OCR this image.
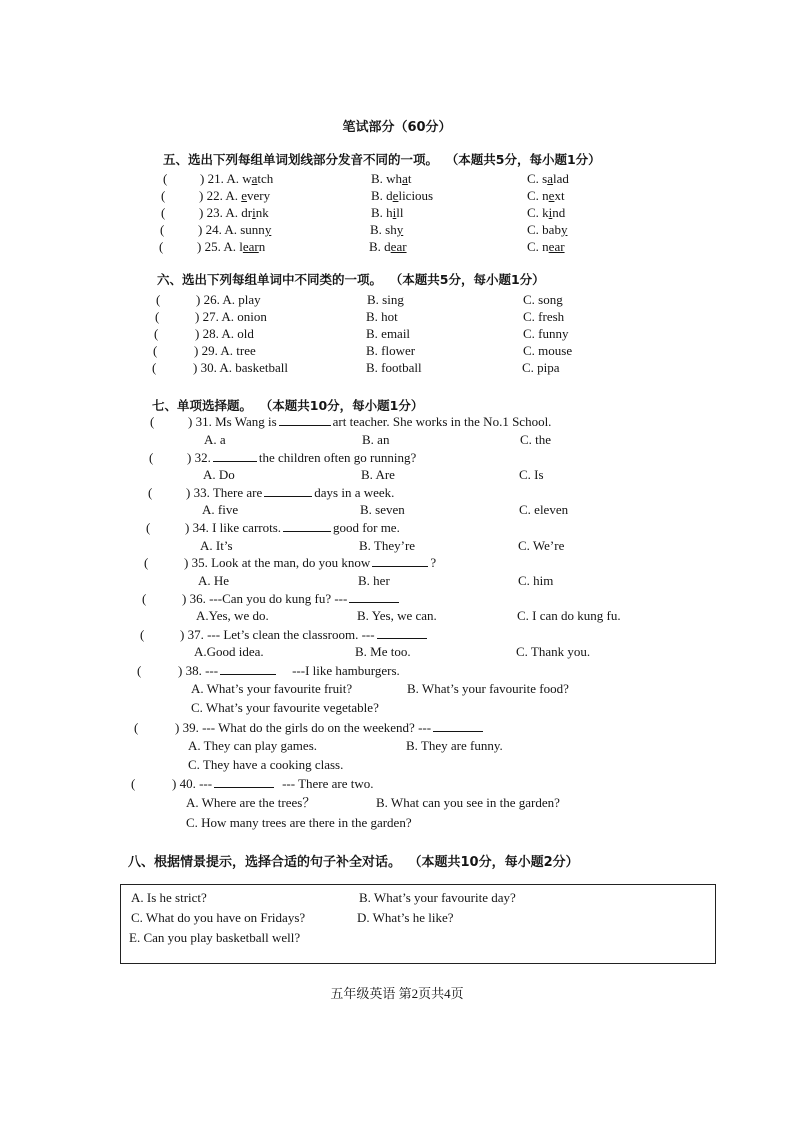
笔试部分（60分）
五、选出下列每组单词划线部分发音不同的一项。 （本题共5分，每小题1分）
(	) 21. A. watch	B. what	C. salad
(	) 22. A. every	B. delicious	C. next
(	) 23. A. drink	B. hill	C. kind
(	) 24. A. sunny	B. shy	C. baby
(	) 25. A. learn	B. dear	C. near
六、选出下列每组单词中不同类的一项。 （本题共5分，每小题1分）
(	) 26. A. play	B. sing	C. song
(	) 27. A. onion	B. hot	C. fresh
(	) 28. A. old	B. email	C. funny
(	) 29. A. tree	B. flower	C. mouse
(	) 30. A. basketball	B. football	C. pipa
七、单项选择题。 （本题共10分，每小题1分）
(	) 31. Ms Wang is	art teacher. She works in the No.1 School.
A. a	B. an	C. the
(	) 32.	the children often go running?
A. Do	B. Are	C. Is
(	) 33. There are	days in a week.
A. five	B. seven	C. eleven
(	) 34. I like carrots.	good for me.
A. It’s	B. They’re	C. We’re
(	) 35. Look at the man, do you know	?
A. He	B. her	C. him
(	) 36. ---Can you do kung fu? ---
A.Yes, we do.	B. Yes, we can.	C. I can do kung fu.
(	) 37. --- Let’s clean the classroom. ---
A.Good idea.	B. Me too.	C. Thank you.
(	) 38. ---	---I like hamburgers.
A. What’s your favourite fruit?	B. What’s your favourite food?
C. What’s your favourite vegetable?
(	) 39. --- What do the girls do on the weekend? ---
A. They can play games.	B. They are funny.
C. They have a cooking class.
(	) 40. ---	--- There are two.
A. Where are the trees？	B. What can you see in the garden?
C. How many trees are there in the garden?
八、根据情景提示，选择合适的句子补全对话。 （本题共10分，每小题2分）
A. Is he strict?	B. What’s your favourite day?
C. What do you have on Fridays?	D. What’s he like?
E. Can you play basketball well?
五年级英语 第2页共4页
